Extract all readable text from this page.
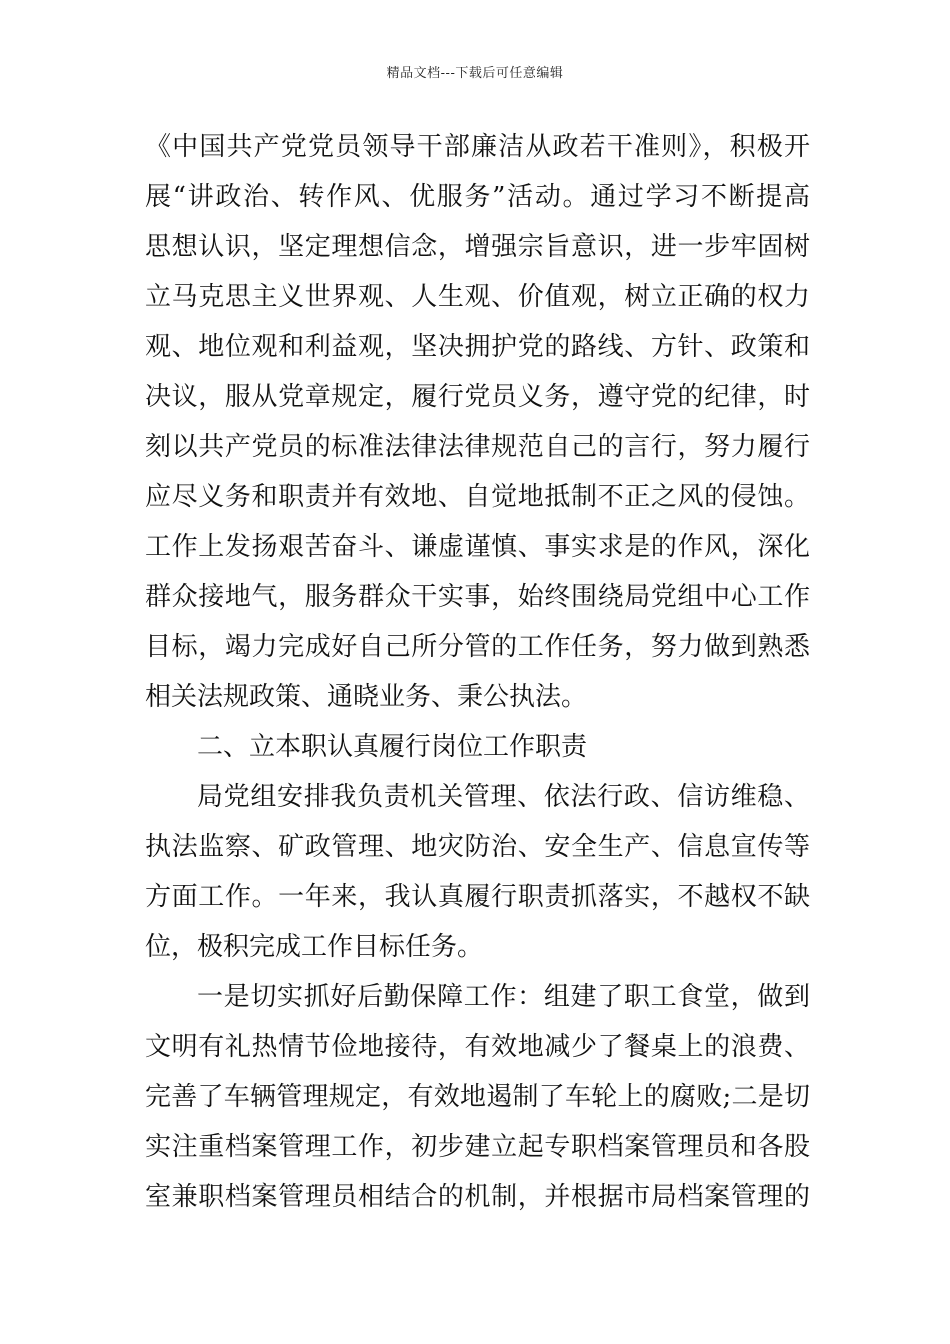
精品文档---下载后可任意编辑
《中国共产党党员领导干部廉洁从政若干准则》，积极开
展“讲政治、转作风、优服务”活动。通过学习不断提高
思想认识，坚定理想信念，增强宗旨意识，进一步牢固树
立马克思主义世界观、人生观、价值观，树立正确的权力
观、地位观和利益观，坚决拥护党的路线、方针、政策和
决议，服从党章规定，履行党员义务，遵守党的纪律，时
刻以共产党员的标准法律法律规范自己的言行，努力履行
应尽义务和职责并有效地、自觉地抵制不正之风的侵蚀。
工作上发扬艰苦奋斗、谦虚谨慎、事实求是的作风，深化
群众接地气，服务群众干实事，始终围绕局党组中心工作
目标，竭力完成好自己所分管的工作任务，努力做到熟悉
相关法规政策、通晓业务、秉公执法。
二、立本职认真履行岗位工作职责
局党组安排我负责机关管理、依法行政、信访维稳、
执法监察、矿政管理、地灾防治、安全生产、信息宣传等
方面工作。一年来，我认真履行职责抓落实，不越权不缺
位，极积完成工作目标任务。
一是切实抓好后勤保障工作：组建了职工食堂，做到
文明有礼热情节俭地接待，有效地减少了餐桌上的浪费、
完善了车辆管理规定，有效地遏制了车轮上的腐败;二是切
实注重档案管理工作，初步建立起专职档案管理员和各股
室兼职档案管理员相结合的机制，并根据市局档案管理的
